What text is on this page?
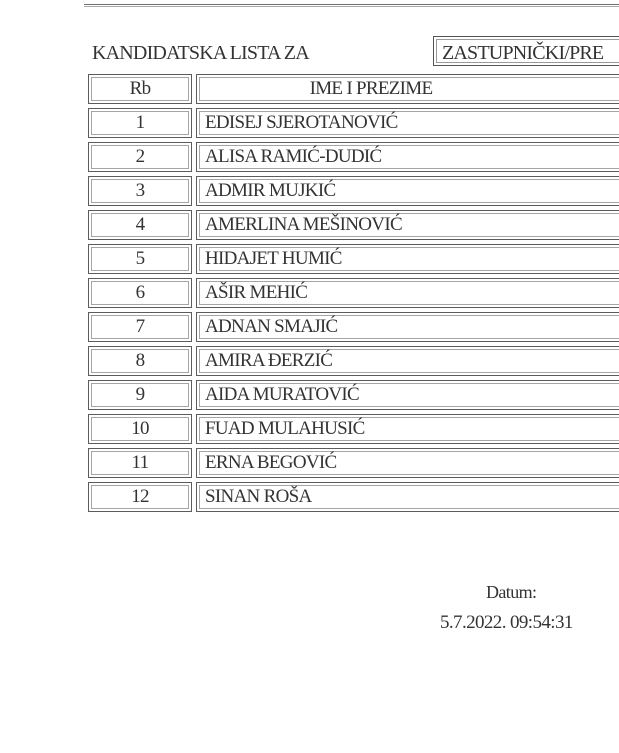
KANDIDATSKA LISTA ZA	ZASTUPNIČKI/PRE
Rb	IME I PREZIME
1	EDISEJ SJEROTANOVIĆ
2	ALISA RAMIĆ-DUDIĆ
3	ADMIR MUJKIĆ
4	AMERLINA MEŠINOVIĆ
5	HIDAJET HUMIĆ
6	AŠIR MEHIĆ
7	ADNAN SMAJIĆ
8	AMIRA ĐERZIĆ
9	AIDA MURATOVIĆ
10	FUAD MULAHUSIĆ
11	ERNA BEGOVIĆ
12	SINAN ROŠA
Datum:
5.7.2022. 09:54:31
